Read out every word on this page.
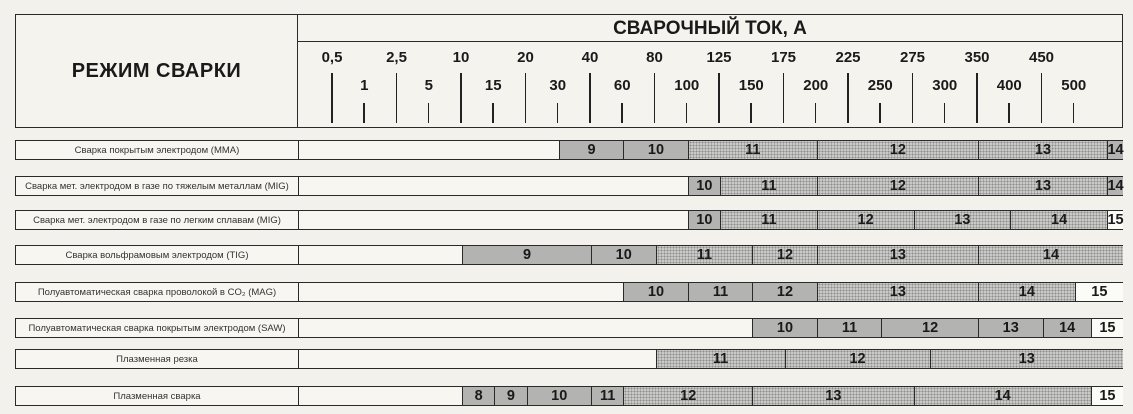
РЕЖИМ СВАРКИ
СВАРОЧНЫЙ ТОК, А
0,5	2,5	10	20	40	80	125	175	225	275	350	450
1	5	15	30	60	100	150	200	250	300	400	500
Сварка покрытым электродом (MMA)	9	10	11	12	13	14
Сварка мет. электродом в газе по тяжелым металлам (MIG)	10	11	12	13	14
Сварка мет. электродом в газе по легким сплавам (MIG)	10	11	12	13	14	15
Сварка вольфрамовым электродом (TIG)	9	10	11	12	13	14
Полуавтоматическая сварка проволокой в CO₂ (MAG)	10	11	12	13	14	15
Полуавтоматическая сварка покрытым электродом (SAW)	10	11	12	13	14	15
Плазменная резка	11	12	13
Плазменная сварка	8	9	10	11	12	13	14	15
